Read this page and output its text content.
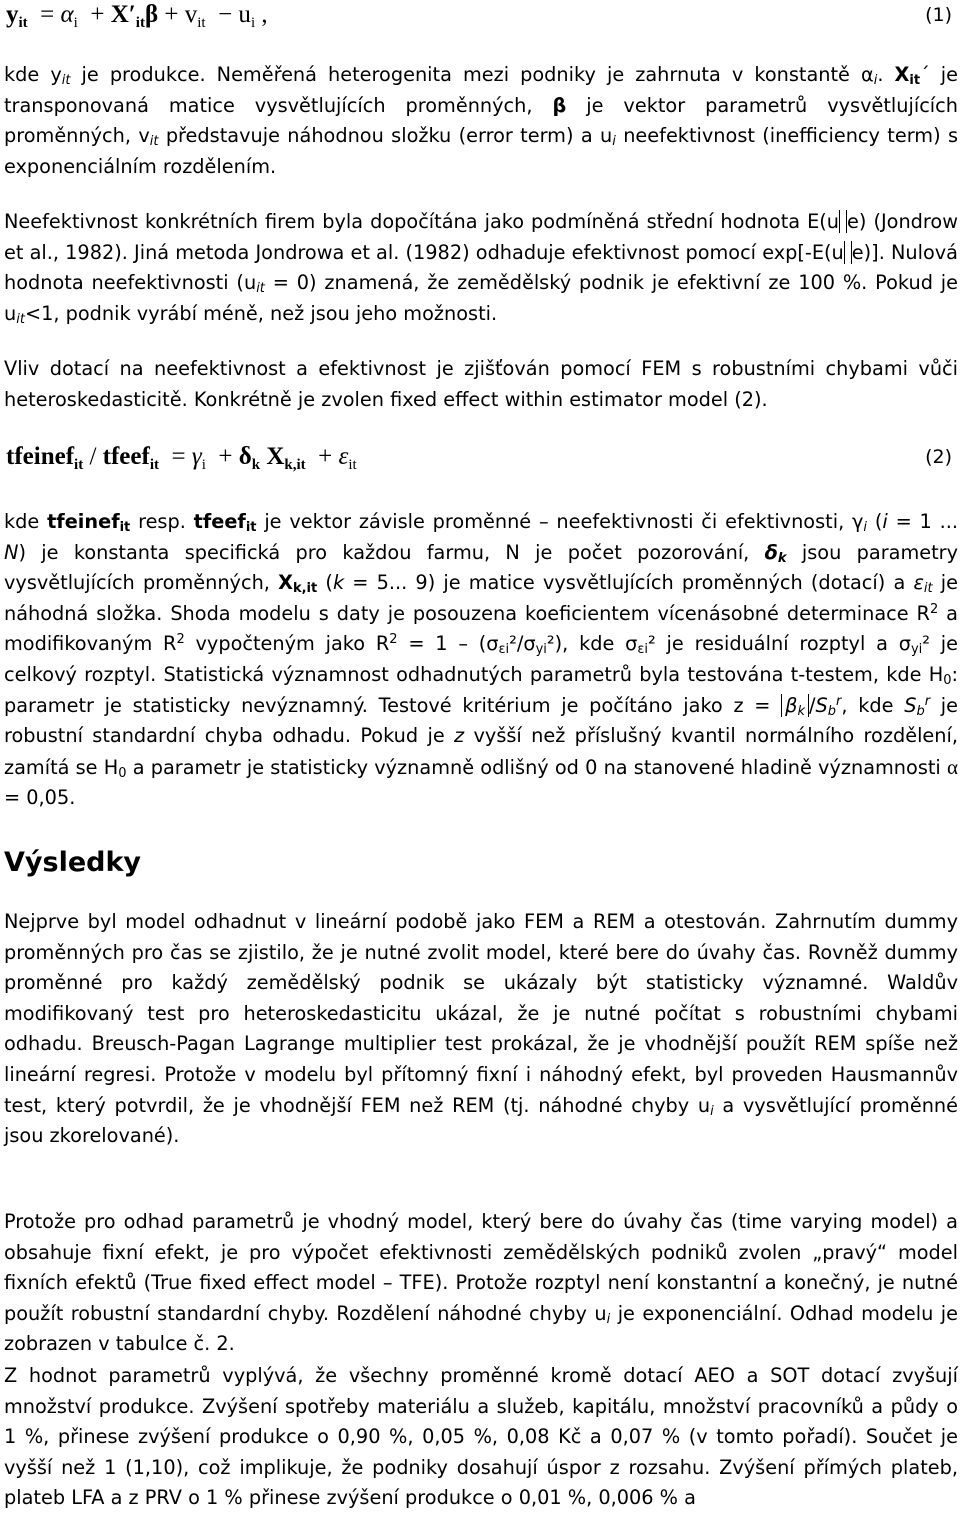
$y_{it} = \alpha_i + X'_{it}\beta + v_{it} - u_i$ ,	(1)

kde $y_{it}$ je produkce. Neměřená heterogenita mezi podniky je zahrnuta v konstantě $\alpha_i$. $X_{it}´$ je transponovaná matice vysvětlujících proměnných, β je vektor parametrů vysvětlujících proměnných, $v_{it}$ představuje náhodnou složku (error term) a $u_i$ neefektivnost (inefficiency term) s exponenciálním rozdělením.

Neefektivnost konkrétních firem byla dopočítána jako podmíněná střední hodnota E(u e) (Jondrow et al., 1982). Jiná metoda Jondrowa et al. (1982) odhaduje efektivnost pomocí exp[-E(u e)]. Nulová hodnota neefektivnosti $(u_{it} = 0)$ znamená, že zemědělský podnik je efektivní ze 100 %. Pokud je $u_{it}<1$, podnik vyrábí méně, než jsou jeho možnosti.

Vliv dotací na neefektivnost a efektivnost je zjišťován pomocí FEM s robustními chybami vůči heteroskedasticitě. Konkrétně je zvolen fixed effect within estimator model (2).

tfeinef$_{it}$ / tfeef$_{it}$  = $\gamma_i + \delta_k$ $X_{k,it} + \varepsilon_{it}$	(2)

kde tfeinef$_{it}$ resp. tfeef$_{it}$ je vektor závisle proměnné – neefektivnosti či efektivnosti, $\gamma_i$ (i = 1 ... N) je konstanta specifická pro každou farmu, N je počet pozorování, $\delta_k$ jsou parametry vysvětlujících proměnných, $X_{k,it}$ (k = 5... 9) je matice vysvětlujících proměnných (dotací) a $\varepsilon_{it}$ je náhodná složka. Shoda modelu s daty je posouzena koeficientem vícenásobné determinace $R^2$ a modifikovaným $R^2$ vypočteným jako $R^2 = 1 - (\sigma_{\varepsilon i}^2/\sigma_{yi}^2)$, kde $\sigma_{\varepsilon i}^2$ je residuální rozptyl a $\sigma_{yi}^2$ je celkový rozptyl. Statistická významnost odhadnutých parametrů byla testována t-testem, kde $H_0$: parametr je statisticky nevýznamný. Testové kritérium je počítáno jako $z = \beta_k$ $/S_b^r$, kde $S_b^r$ je robustní standardní chyba odhadu. Pokud je z vyšší než příslušný kvantil normálního rozdělení, zamítá se $H_0$ a parametr je statisticky významně odlišný od 0 na stanovené hladině významnosti α = 0,05.

Výsledky

Nejprve byl model odhadnut v lineární podobě jako FEM a REM a otestován. Zahrnutím dummy proměnných pro čas se zjistilo, že je nutné zvolit model, které bere do úvahy čas. Rovněž dummy proměnné pro každý zemědělský podnik se ukázaly být statisticky významné. Waldův modifikovaný test pro heteroskedasticitu ukázal, že je nutné počítat s robustními chybami odhadu. Breusch-Pagan Lagrange multiplier test prokázal, že je vhodnější použít REM spíše než lineární regresi. Protože v modelu byl přítomný fixní i náhodný efekt, byl proveden Hausmannův test, který potvrdil, že je vhodnější FEM než REM (tj. náhodné chyby $u_i$ a vysvětlující proměnné jsou zkorelované).

Protože pro odhad parametrů je vhodný model, který bere do úvahy čas (time varying model) a obsahuje fixní efekt, je pro výpočet efektivnosti zemědělských podniků zvolen „pravý“ model fixních efektů (True fixed effect model – TFE). Protože rozptyl není konstantní a konečný, je nutné použít robustní standardní chyby. Rozdělení náhodné chyby $u_i$ je exponenciální. Odhad modelu je zobrazen v tabulce č. 2.

Z hodnot parametrů vyplývá, že všechny proměnné kromě dotací AEO a SOT dotací zvyšují množství produkce. Zvýšení spotřeby materiálu a služeb, kapitálu, množství pracovníků a půdy o 1 %, přinese zvýšení produkce o 0,90 %, 0,05 %, 0,08 Kč a 0,07 % (v tomto pořadí). Součet je vyšší než 1 (1,10), což implikuje, že podniky dosahují úspor z rozsahu. Zvýšení přímých plateb, plateb LFA a z PRV o 1 % přinese zvýšení produkce o 0,01 %, 0,006 % a
